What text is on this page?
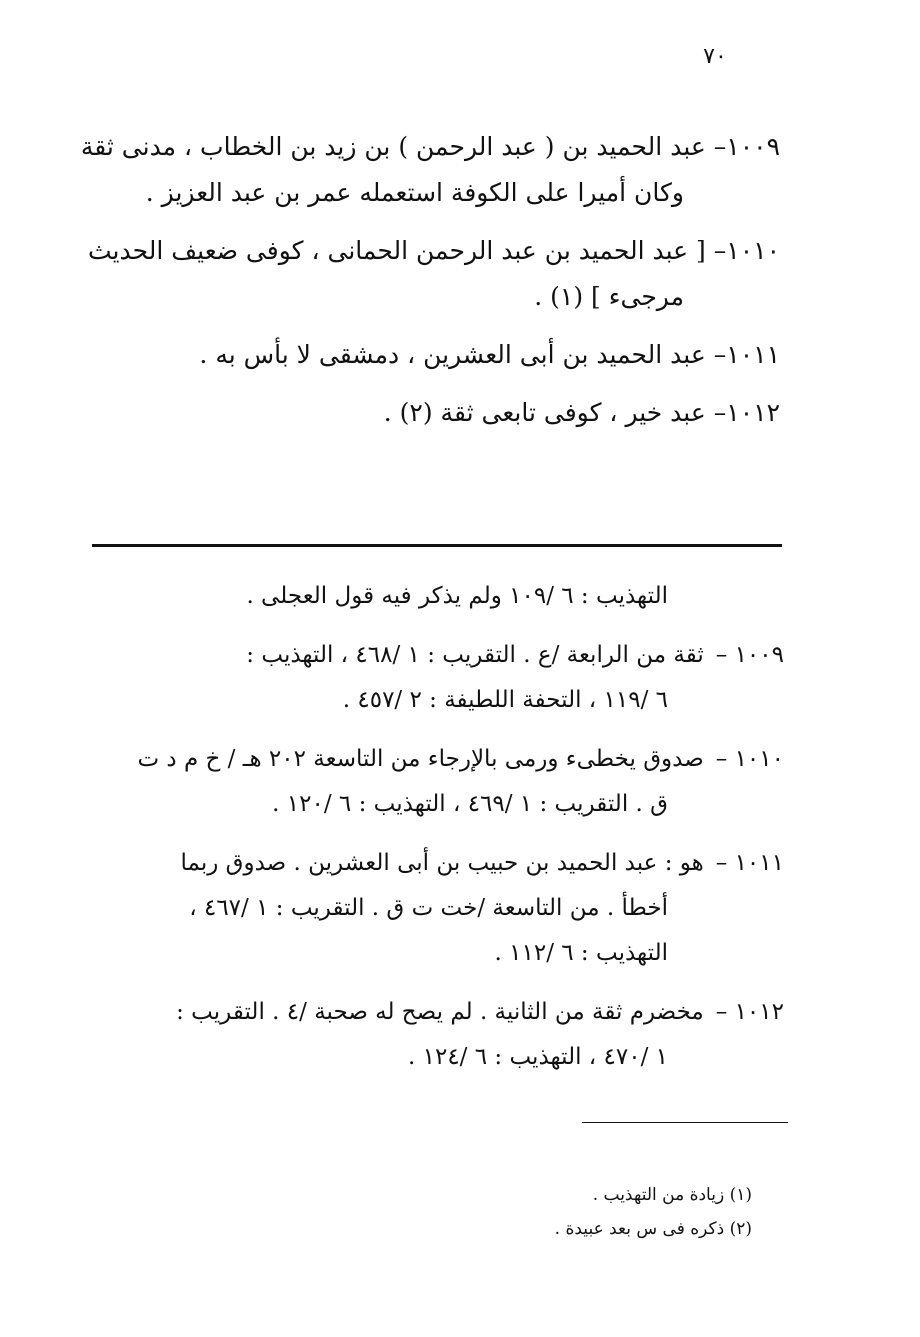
٧٠
١٠٠٩–عبد الحميد بن ( عبد الرحمن ) بن زيد بن الخطاب ، مدنى ثقة
وكان أميرا على الكوفة استعمله عمر بن عبد العزيز .
١٠١٠–[ عبد الحميد بن عبد الرحمن الحمانى ، كوفى ضعيف الحديث
مرجىء ] (١) .
١٠١١–عبد الحميد بن أبى العشرين ، دمشقى لا بأس به .
١٠١٢–عبد خير ، كوفى تابعى ثقة (٢) .
التهذيب : ٦ /١٠٩ ولم يذكر فيه قول العجلى .
١٠٠٩ –ثقة من الرابعة /ع . التقريب : ١ /٤٦٨ ، التهذيب :
٦ /١١٩ ، التحفة اللطيفة : ٢ /٤٥٧ .
١٠١٠ –صدوق يخطىء ورمى بالإرجاء من التاسعة ٢٠٢ هـ / خ م د ت
ق . التقريب : ١ /٤٦٩ ، التهذيب : ٦ /١٢٠ .
١٠١١ –هو : عبد الحميد بن حبيب بن أبى العشرين . صدوق ربما
أخطأ . من التاسعة /خت ت ق . التقريب : ١ /٤٦٧ ،
التهذيب : ٦ /١١٢ .
١٠١٢ –مخضرم ثقة من الثانية . لم يصح له صحبة /٤ . التقريب :
١ /٤٧٠ ، التهذيب : ٦ /١٢٤ .
(١) زيادة من التهذيب .
(٢) ذكره فى س بعد عبيدة .
